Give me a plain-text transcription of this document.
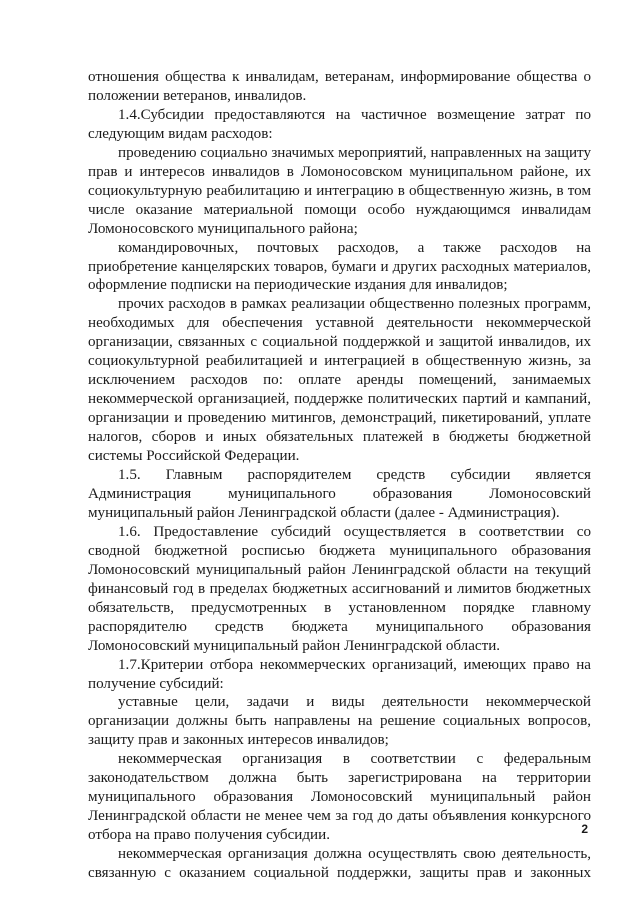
отношения общества к инвалидам, ветеранам, информирование общества о положении ветеранов, инвалидов.

1.4.Субсидии предоставляются на частичное возмещение затрат по следующим видам расходов:

проведению социально значимых мероприятий, направленных на защиту прав и интересов инвалидов в Ломоносовском муниципальном районе, их социокультурную реабилитацию и интеграцию в общественную жизнь, в том числе оказание материальной помощи особо нуждающимся инвалидам Ломоносовского муниципального района;

командировочных, почтовых расходов, а также расходов на приобретение канцелярских товаров, бумаги и других расходных материалов, оформление подписки на периодические издания для инвалидов;

прочих расходов в рамках реализации общественно полезных программ, необходимых для обеспечения уставной деятельности некоммерческой организации, связанных с социальной поддержкой и защитой инвалидов, их социокультурной реабилитацией и интеграцией в общественную жизнь, за исключением расходов по: оплате аренды помещений, занимаемых некоммерческой организацией, поддержке политических партий и кампаний, организации и проведению митингов, демонстраций, пикетирований, уплате налогов, сборов и иных обязательных платежей в бюджеты бюджетной системы Российской Федерации.

1.5. Главным распорядителем средств субсидии является Администрация муниципального образования Ломоносовский муниципальный район Ленинградской области (далее - Администрация).

1.6. Предоставление субсидий осуществляется в соответствии со сводной бюджетной росписью бюджета муниципального образования Ломоносовский муниципальный район Ленинградской области на текущий финансовый год в пределах бюджетных ассигнований и лимитов бюджетных обязательств, предусмотренных в установленном порядке главному распорядителю средств бюджета муниципального образования Ломоносовский муниципальный район Ленинградской области.

1.7.Критерии отбора некоммерческих организаций, имеющих право на получение субсидий:

уставные цели, задачи и виды деятельности некоммерческой организации должны быть направлены на решение социальных вопросов, защиту прав и законных интересов инвалидов;

некоммерческая организация в соответствии с федеральным законодательством должна быть зарегистрирована на территории муниципального образования Ломоносовский муниципальный район Ленинградской области не менее чем за год до даты объявления конкурсного отбора на право получения субсидии.

некоммерческая организация должна осуществлять свою деятельность, связанную с оказанием социальной поддержки, защиты прав и законных

2
